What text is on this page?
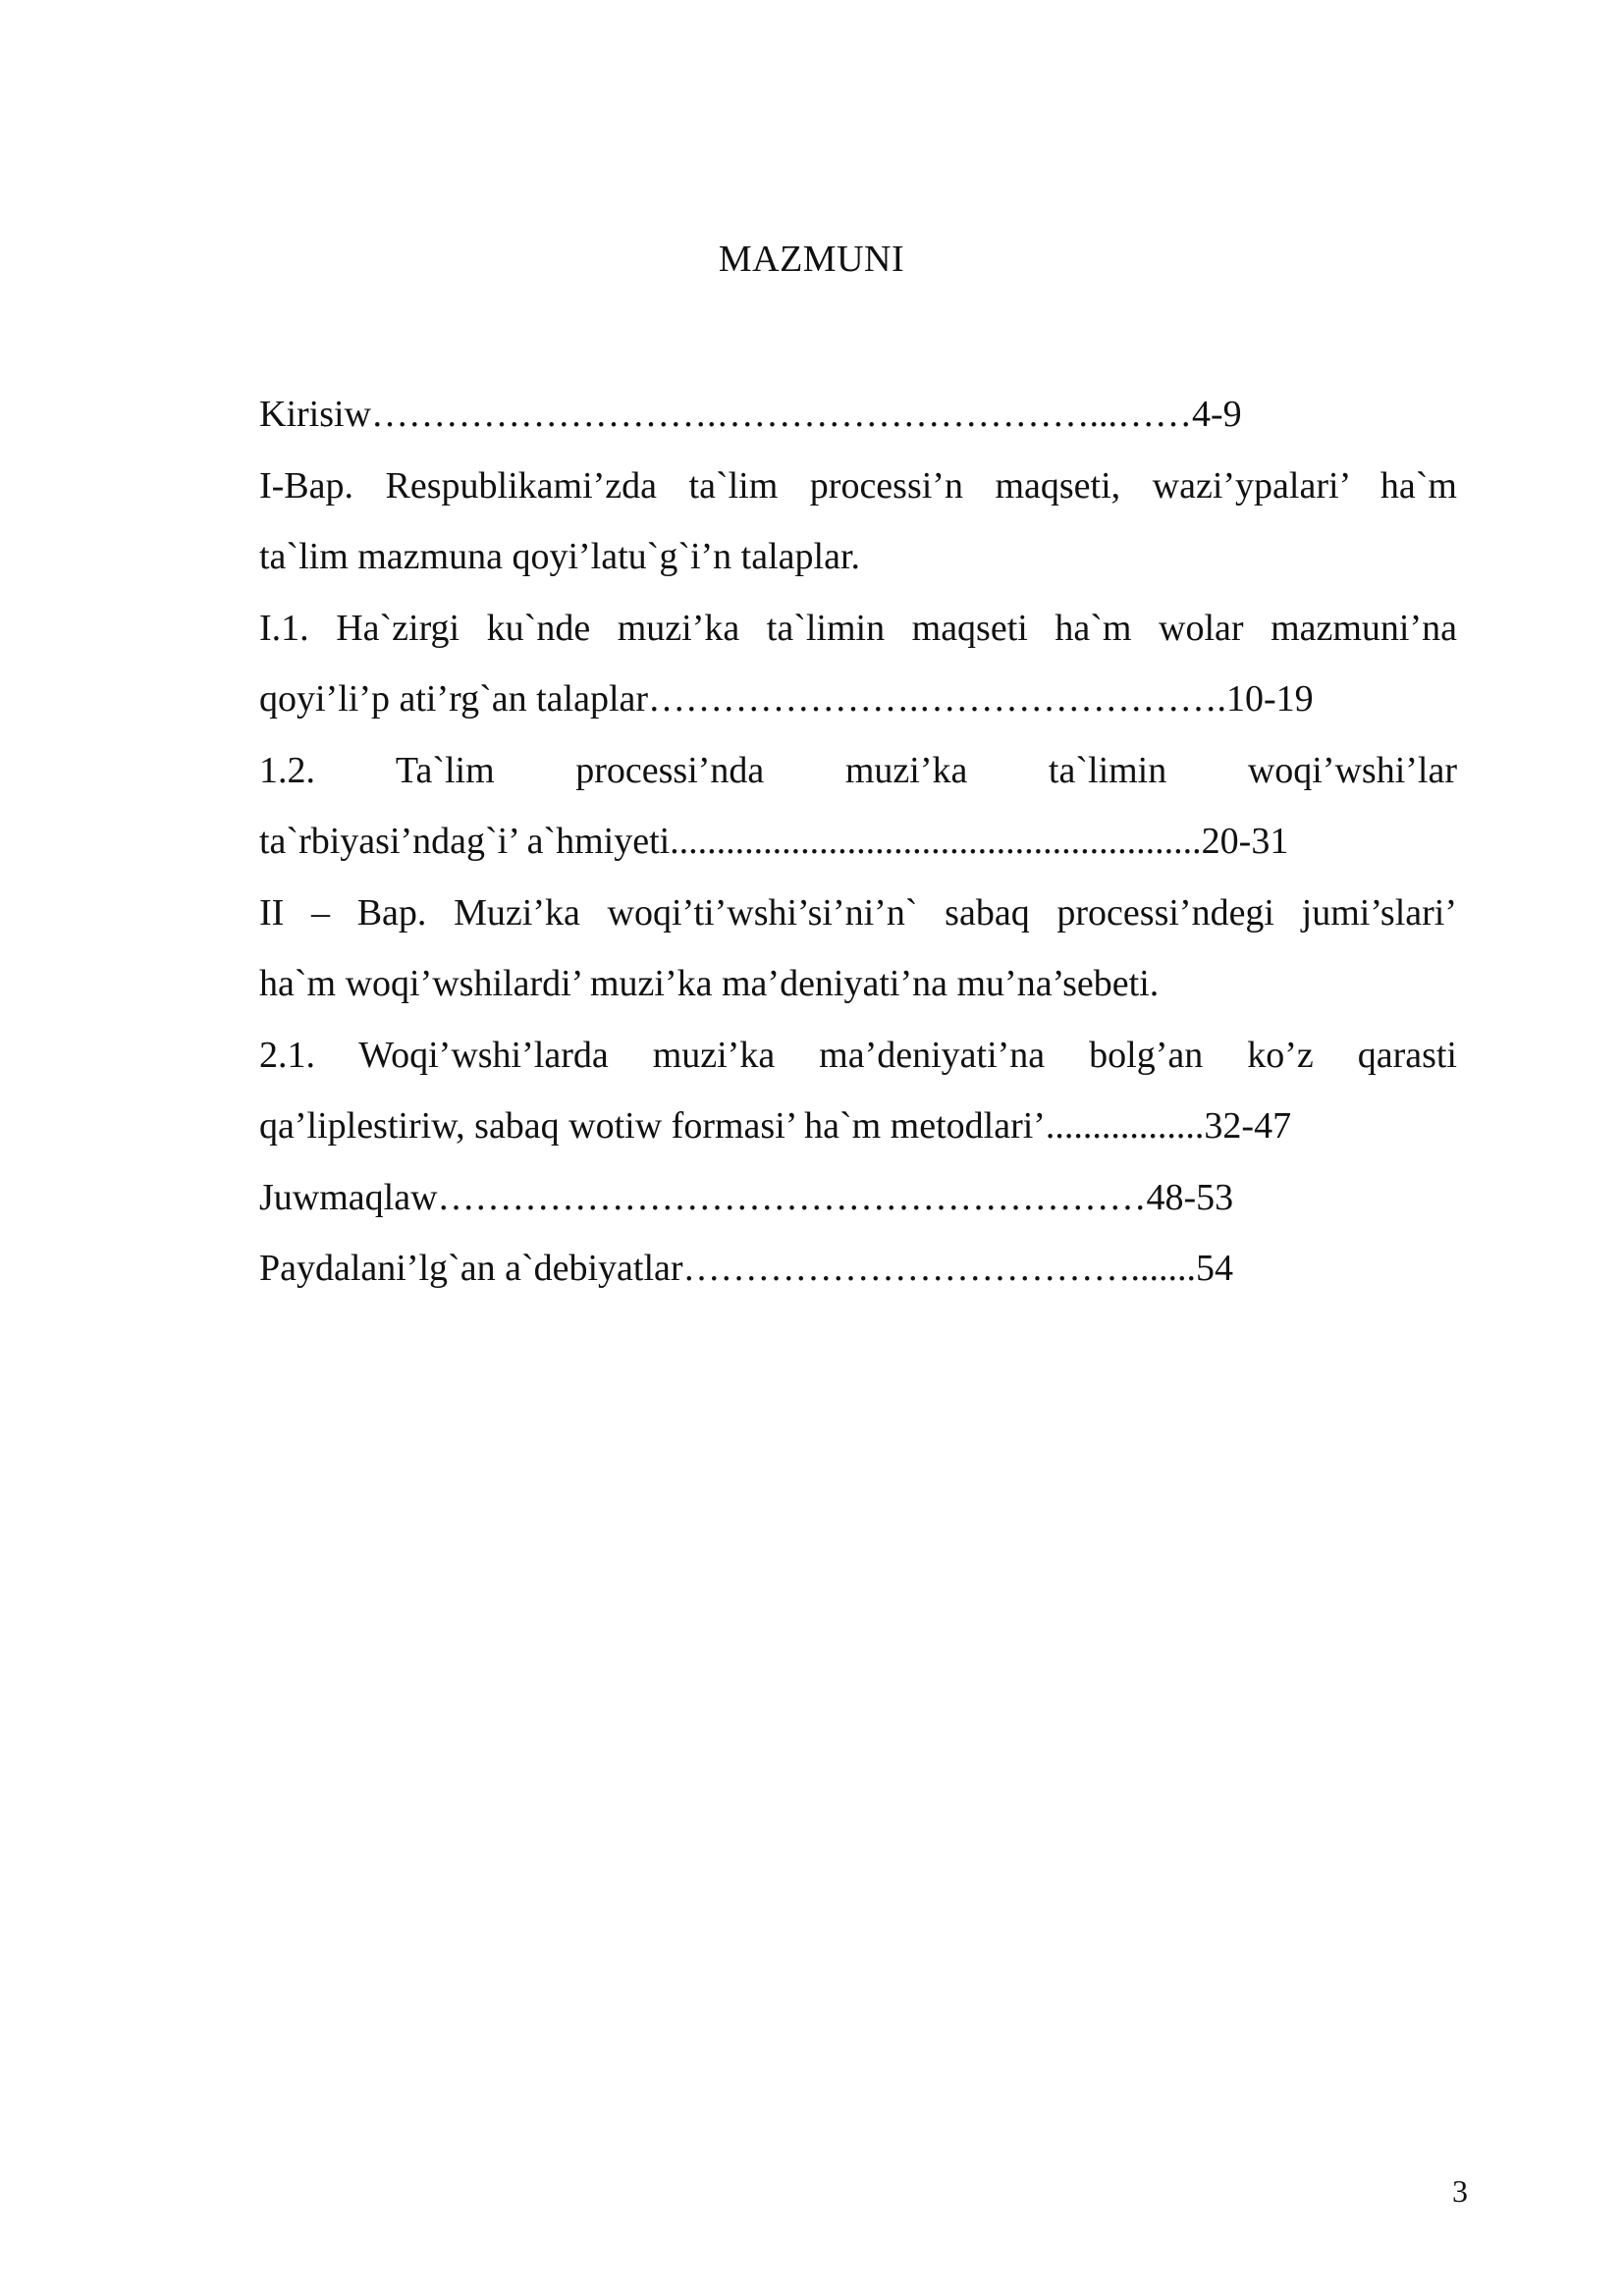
MAZMUNI
Kirisiw……………………….…………………………...……4-9
I-Bap. Respublikami’zda ta`lim processi’n maqseti, wazi’ypalari’ ha`m
ta`lim mazmuna qoyi’latu`g`i’n talaplar.
I.1. Ha`zirgi ku`nde muzi’ka ta`limin maqseti ha`m wolar mazmuni’na
qoyi’li’p ati’rg`an talaplar………………….…………………….10-19
1.2. Ta`lim processi’nda muzi’ka ta`limin woqi’wshi’lar
ta`rbiyasi’ndag`i’ a`hmiyeti.........................................................20-31
II – Bap. Muzi’ka woqi’ti’wshi’si’ni’n` sabaq processi’ndegi jumi’slari’
ha`m woqi’wshilardi’ muzi’ka ma’deniyati’na mu’na’sebeti.
2.1. Woqi’wshi’larda muzi’ka ma’deniyati’na bolg’an ko’z qarasti
qa’liplestiriw, sabaq wotiw formasi’ ha`m metodlari’.................32-47
Juwmaqlaw…………………………………………………48-53
Paydalani’lg`an a`debiyatlar……………………………….......54
3
